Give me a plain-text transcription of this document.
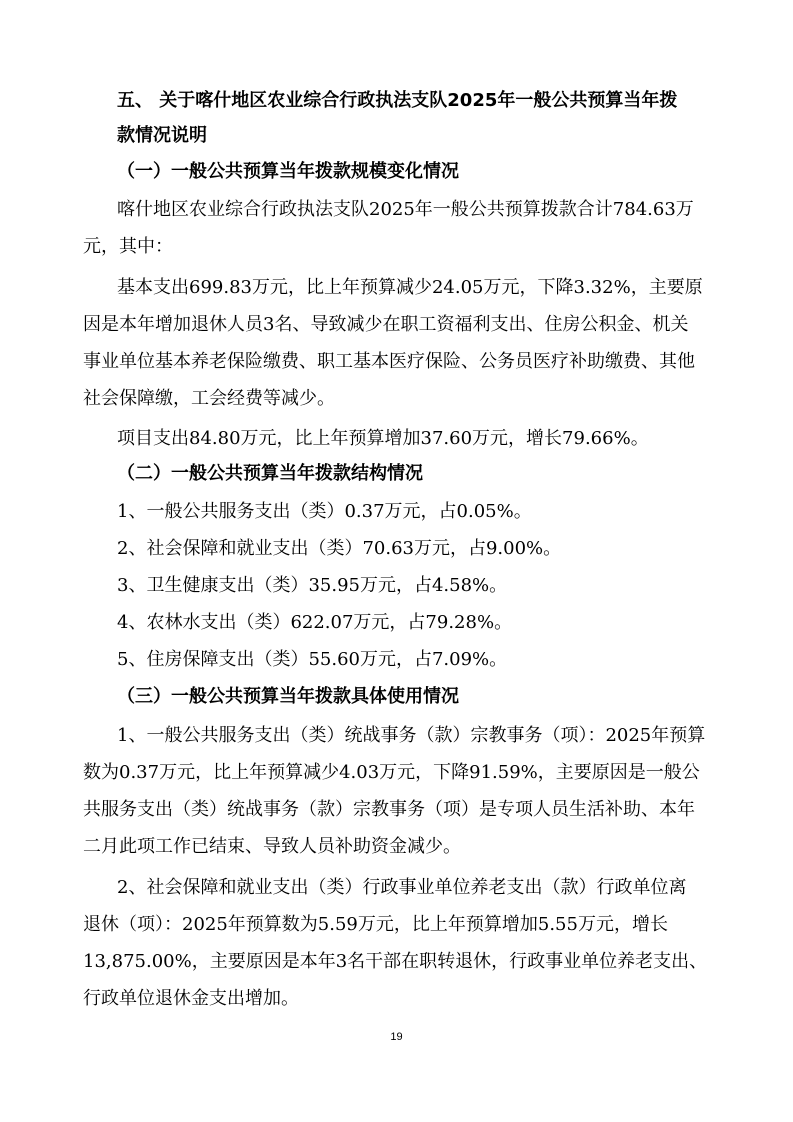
五、 关于喀什地区农业综合行政执法支队2025年一般公共预算当年拨
款情况说明
（一）一般公共预算当年拨款规模变化情况
喀什地区农业综合行政执法支队2025年一般公共预算拨款合计784.63万
元，其中：
基本支出699.83万元，比上年预算减少24.05万元，下降3.32%，主要原
因是本年增加退休人员3名、导致减少在职工资福利支出、住房公积金、机关
事业单位基本养老保险缴费、职工基本医疗保险、公务员医疗补助缴费、其他
社会保障缴，工会经费等减少。
项目支出84.80万元，比上年预算增加37.60万元，增长79.66%。
（二）一般公共预算当年拨款结构情况
1、一般公共服务支出（类）0.37万元，占0.05%。
2、社会保障和就业支出（类）70.63万元，占9.00%。
3、卫生健康支出（类）35.95万元，占4.58%。
4、农林水支出（类）622.07万元，占79.28%。
5、住房保障支出（类）55.60万元，占7.09%。
（三）一般公共预算当年拨款具体使用情况
1、一般公共服务支出（类）统战事务（款）宗教事务（项）：2025年预算
数为0.37万元，比上年预算减少4.03万元，下降91.59%，主要原因是一般公
共服务支出（类）统战事务（款）宗教事务（项）是专项人员生活补助、本年
二月此项工作已结束、导致人员补助资金减少。
2、社会保障和就业支出（类）行政事业单位养老支出（款）行政单位离
退休（项）：2025年预算数为5.59万元，比上年预算增加5.55万元，增长
13,875.00%，主要原因是本年3名干部在职转退休，行政事业单位养老支出、
行政单位退休金支出增加。
19
